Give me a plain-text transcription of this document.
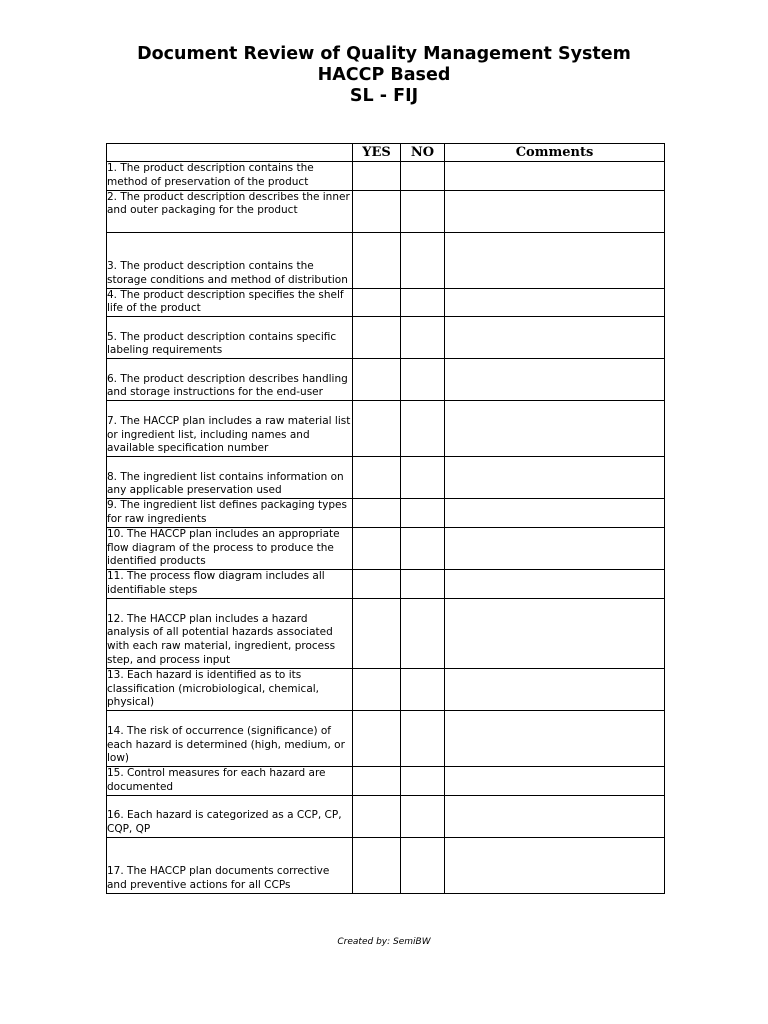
Document Review of Quality Management System
HACCP Based
SL - FIJ
	YES	NO	Comments
1. The product description contains the method of preservation of the product			
2. The product description describes the inner and outer packaging for the product			
3. The product description contains the storage conditions and method of distribution			
4. The product description specifies the shelf life of the product			
5. The product description contains specific labeling requirements			
6. The product description describes handling and storage instructions for the end-user			
7. The HACCP plan includes a raw material list or ingredient list, including names and available specification number			
8. The ingredient list contains information on any applicable preservation used			
9. The ingredient list defines packaging types for raw ingredients			
10. The HACCP plan includes an appropriate flow diagram of the process to produce the identified products			
11. The process flow diagram includes all identifiable steps			
12. The HACCP plan includes a hazard analysis of all potential hazards associated with each raw material, ingredient, process step, and process input			
13. Each hazard is identified as to its classification (microbiological, chemical, physical)			
14. The risk of occurrence (significance) of each hazard is determined (high, medium, or low)			
15. Control measures for each hazard are documented			
16. Each hazard is categorized as a CCP, CP, CQP, QP			
17. The HACCP plan documents corrective and preventive actions for all CCPs			
Created by: SemiBW
